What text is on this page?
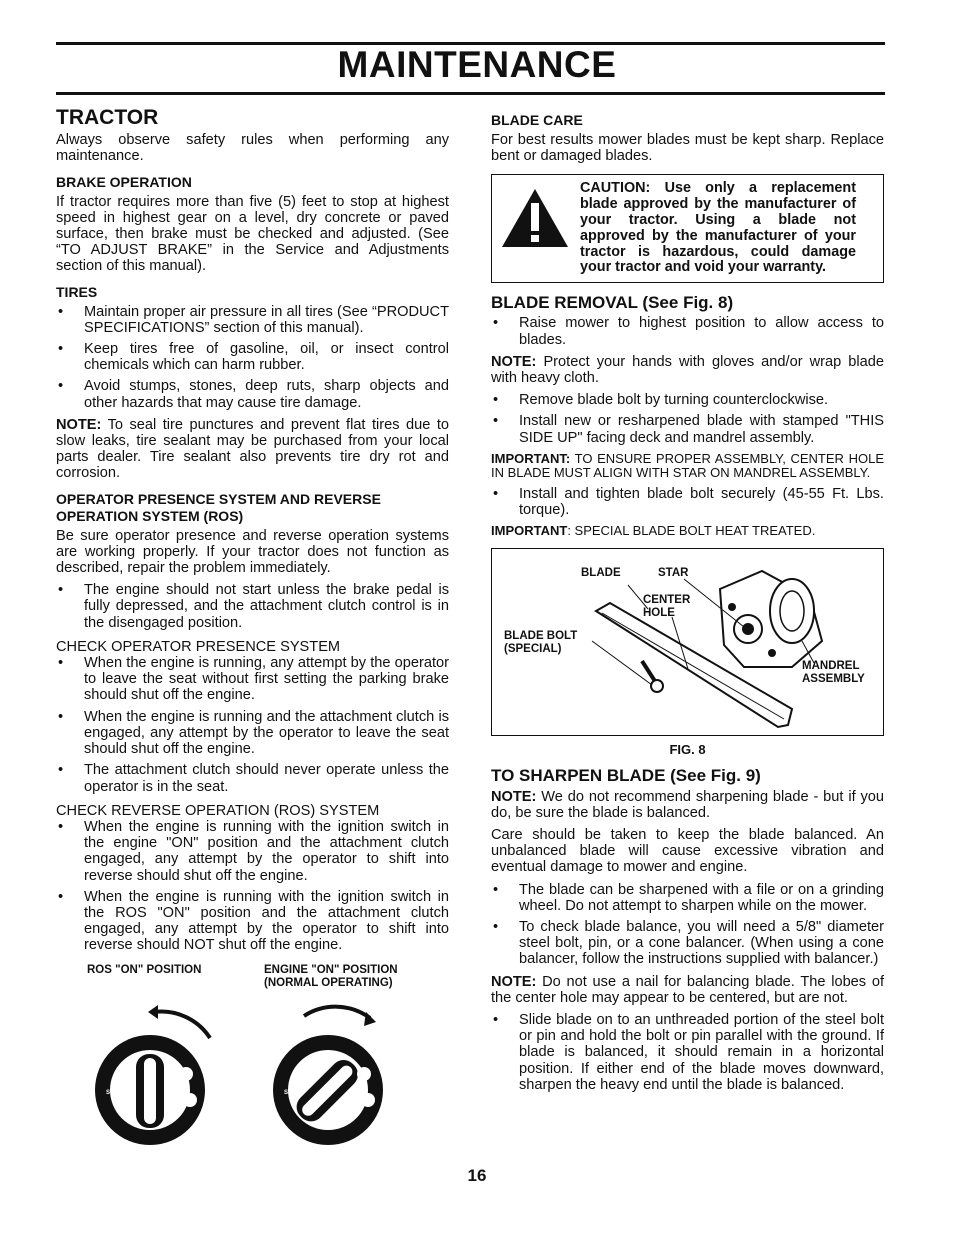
MAINTENANCE
TRACTOR

Always observe safety rules when performing any maintenance.

BRAKE OPERATION

If tractor requires more than five (5) feet to stop at highest speed in highest gear on a level, dry concrete or paved surface, then brake must be checked and adjusted. (See “TO ADJUST BRAKE” in the Service and Adjustments section of this manual).

TIRES
• Maintain proper air pressure in all tires (See “PRODUCT SPECIFICATIONS” section of this manual).
• Keep tires free of gasoline, oil, or insect control chemicals which can harm rubber.
• Avoid stumps, stones, deep ruts, sharp objects and other hazards that may cause tire damage.

NOTE: To seal tire punctures and prevent flat tires due to slow leaks, tire sealant may be purchased from your local parts dealer. Tire sealant also prevents tire dry rot and corrosion.

OPERATOR PRESENCE SYSTEM AND REVERSE OPERATION SYSTEM (ROS)

Be sure operator presence and reverse operation systems are working properly. If your tractor does not function as described, repair the problem immediately.

• The engine should not start unless the brake pedal is fully depressed, and the attachment clutch control is in the disengaged position.
CHECK OPERATOR PRESENCE SYSTEM
• When the engine is running, any attempt by the operator to leave the seat without first setting the parking brake should shut off the engine.
• When the engine is running and the attachment clutch is engaged, any attempt by the operator to leave the seat should shut off the engine.
• The attachment clutch should never operate unless the operator is in the seat.
CHECK REVERSE OPERATION (ROS) SYSTEM
• When the engine is running with the ignition switch in the engine "ON" position and the attachment clutch engaged, any attempt by the operator to shift into reverse should shut off the engine.
• When the engine is running with the ignition switch in the ROS "ON" position and the attachment clutch engaged, any attempt by the operator to shift into reverse should NOT shut off the engine.
ROS "ON" POSITION	ENGINE "ON" POSITION
(NORMAL OPERATING)
STOP	STOP
BLADE CARE

For best results mower blades must be kept sharp. Replace bent or damaged blades.

CAUTION: Use only a replacement blade approved by the manufacturer of your tractor. Using a blade not approved by the manufacturer of your tractor is hazardous, could damage your tractor and void your warranty.

BLADE REMOVAL (See Fig. 8)
• Raise mower to highest position to allow access to blades.

NOTE: Protect your hands with gloves and/or wrap blade with heavy cloth.

• Remove blade bolt by turning counterclockwise.
• Install new or resharpened blade with stamped "THIS SIDE UP" facing deck and mandrel assembly.

IMPORTANT: TO ENSURE PROPER ASSEMBLY, CENTER HOLE IN BLADE MUST ALIGN WITH STAR ON MANDREL ASSEMBLY.

• Install and tighten blade bolt securely (45-55 Ft. Lbs. torque).

IMPORTANT: SPECIAL BLADE BOLT HEAT TREATED.

BLADE	STAR
CENTER
HOLE
BLADE BOLT
(SPECIAL)
MANDREL
ASSEMBLY
FIG. 8
TO SHARPEN BLADE (See Fig. 9)

NOTE: We do not recommend sharpening blade - but if you do, be sure the blade is balanced.

Care should be taken to keep the blade balanced. An unbalanced blade will cause excessive vibration and eventual damage to mower and engine.

• The blade can be sharpened with a file or on a grinding wheel. Do not attempt to sharpen while on the mower.
• To check blade balance, you will need a 5/8" diameter steel bolt, pin, or a cone balancer. (When using a cone balancer, follow the instructions supplied with balancer.)

NOTE: Do not use a nail for balancing blade. The lobes of the center hole may appear to be centered, but are not.

• Slide blade on to an unthreaded portion of the steel bolt or pin and hold the bolt or pin parallel with the ground. If blade is balanced, it should remain in a horizontal position. If either end of the blade moves downward, sharpen the heavy end until the blade is balanced.
16
